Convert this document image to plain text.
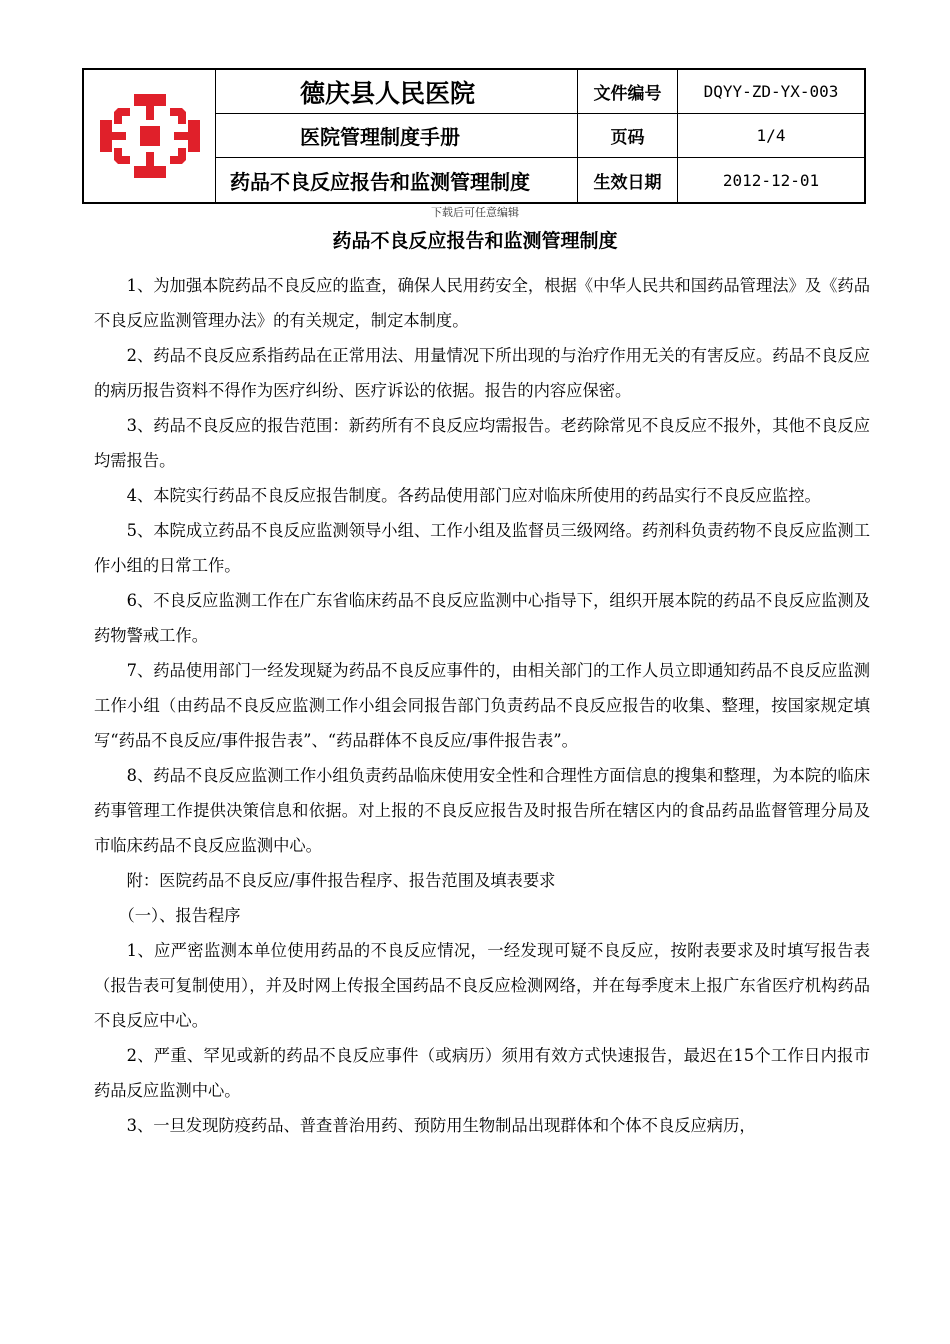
德庆县人民医院	文件编号	DQYY-ZD-YX-003
医院管理制度手册	页码	1/4
药品不良反应报告和监测管理制度	生效日期	2012-12-01
下载后可任意编辑
药品不良反应报告和监测管理制度

1、为加强本院药品不良反应的监查，确保人民用药安全，根据《中华人民共和国药品管理法》及《药品不良反应监测管理办法》的有关规定，制定本制度。

2、药品不良反应系指药品在正常用法、用量情况下所出现的与治疗作用无关的有害反应。药品不良反应的病历报告资料不得作为医疗纠纷、医疗诉讼的依据。报告的内容应保密。

3、药品不良反应的报告范围：新药所有不良反应均需报告。老药除常见不良反应不报外，其他不良反应均需报告。

4、本院实行药品不良反应报告制度。各药品使用部门应对临床所使用的药品实行不良反应监控。

5、本院成立药品不良反应监测领导小组、工作小组及监督员三级网络。药剂科负责药物不良反应监测工作小组的日常工作。

6、不良反应监测工作在广东省临床药品不良反应监测中心指导下，组织开展本院的药品不良反应监测及药物警戒工作。

7、药品使用部门一经发现疑为药品不良反应事件的，由相关部门的工作人员立即通知药品不良反应监测工作小组（由药品不良反应监测工作小组会同报告部门负责药品不良反应报告的收集、整理，按国家规定填写“药品不良反应/事件报告表”、“药品群体不良反应/事件报告表”。

8、药品不良反应监测工作小组负责药品临床使用安全性和合理性方面信息的搜集和整理，为本院的临床药事管理工作提供决策信息和依据。对上报的不良反应报告及时报告所在辖区内的食品药品监督管理分局及市临床药品不良反应监测中心。

附：医院药品不良反应/事件报告程序、报告范围及填表要求

（一）、报告程序

1、应严密监测本单位使用药品的不良反应情况，一经发现可疑不良反应，按附表要求及时填写报告表（报告表可复制使用），并及时网上传报全国药品不良反应检测网络，并在每季度末上报广东省医疗机构药品不良反应中心。

2、严重、罕见或新的药品不良反应事件（或病历）须用有效方式快速报告，最迟在15个工作日内报市药品反应监测中心。

3、一旦发现防疫药品、普查普治用药、预防用生物制品出现群体和个体不良反应病历，
